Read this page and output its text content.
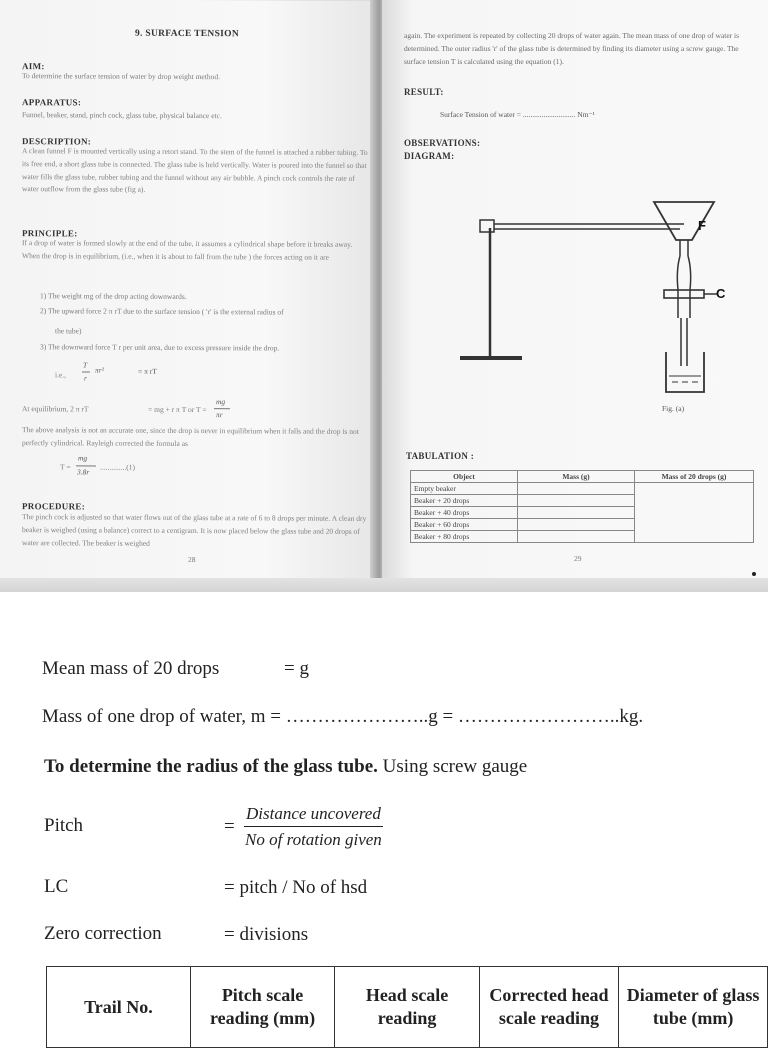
9. SURFACE TENSION
AIM:
To determine the surface tension of water by drop weight method.
APPARATUS:
Funnel, beaker, stand, pinch cock, glass tube, physical balance etc.
DESCRIPTION:
A clean funnel F is mounted vertically using a retort stand. To the stem of the funnel is attached a rubber tubing. To its free end, a short glass tube is connected. The glass tube is held vertically. Water is poured into the funnel so that water fills the glass tube, rubber tubing and the funnel without any air bubble. A pinch cock controls the rate of water outflow from the glass tube (fig a).
PRINCIPLE:
If a drop of water is formed slowly at the end of the tube, it assumes a cylindrical shape before it breaks away. When the drop is in equilibrium, (i.e., when it is about to fall from the tube ) the forces acting on it are
1) The weight mg of the drop acting downwards.
2) The upward force 2 π rT due to the surface tension ( 'r' is the external radius of
the tube)
3) The downward force T r per unit area, due to excess pressure inside the drop.
i.e.,
T
r
πr²	= π rT
At equilibrium, 2 π rT	= mg + r π T or T =
mg
πr
The above analysis is not an accurate one, since the drop is never in equilibrium when it falls and the drop is not perfectly cylindrical. Rayleigh corrected the formula as
T =
mg
3.8r
..............(1)
PROCEDURE:
The pinch cock is adjusted so that water flows out of the glass tube at a rate of 6 to 8 drops per minute. A clean dry beaker is weighed (using a balance) correct to a centigram. It is now placed below the glass tube and 20 drops of water are collected. The beaker is weighed
28
again. The experiment is repeated by collecting 20 drops of water again. The mean mass of one drop of water is determined. The outer radius 'r' of the glass tube is determined by finding its diameter using a screw gauge. The surface tension T is calculated using the equation (1).
RESULT:
Surface Tension of water = ............................ Nm⁻¹
OBSERVATIONS:
DIAGRAM:
F
C
Fig. (a)
TABULATION :
Object	Mass (g)	Mass of 20 drops (g)
Empty beaker		
Beaker + 20 drops		
Beaker + 40 drops		
Beaker + 60 drops		
Beaker + 80 drops		
29
Mean mass of 20 drops	= g
Mass of one drop of water, m = …………………..g = ……………………..kg.
To determine the radius of the glass tube. Using screw gauge
Pitch	=
Distance uncovered
No of rotation given
LC	= pitch / No of hsd
Zero correction	= divisions
Trail No.	Pitch scale reading (mm)	Head scale reading	Corrected head scale reading	Diameter of glass tube (mm)
